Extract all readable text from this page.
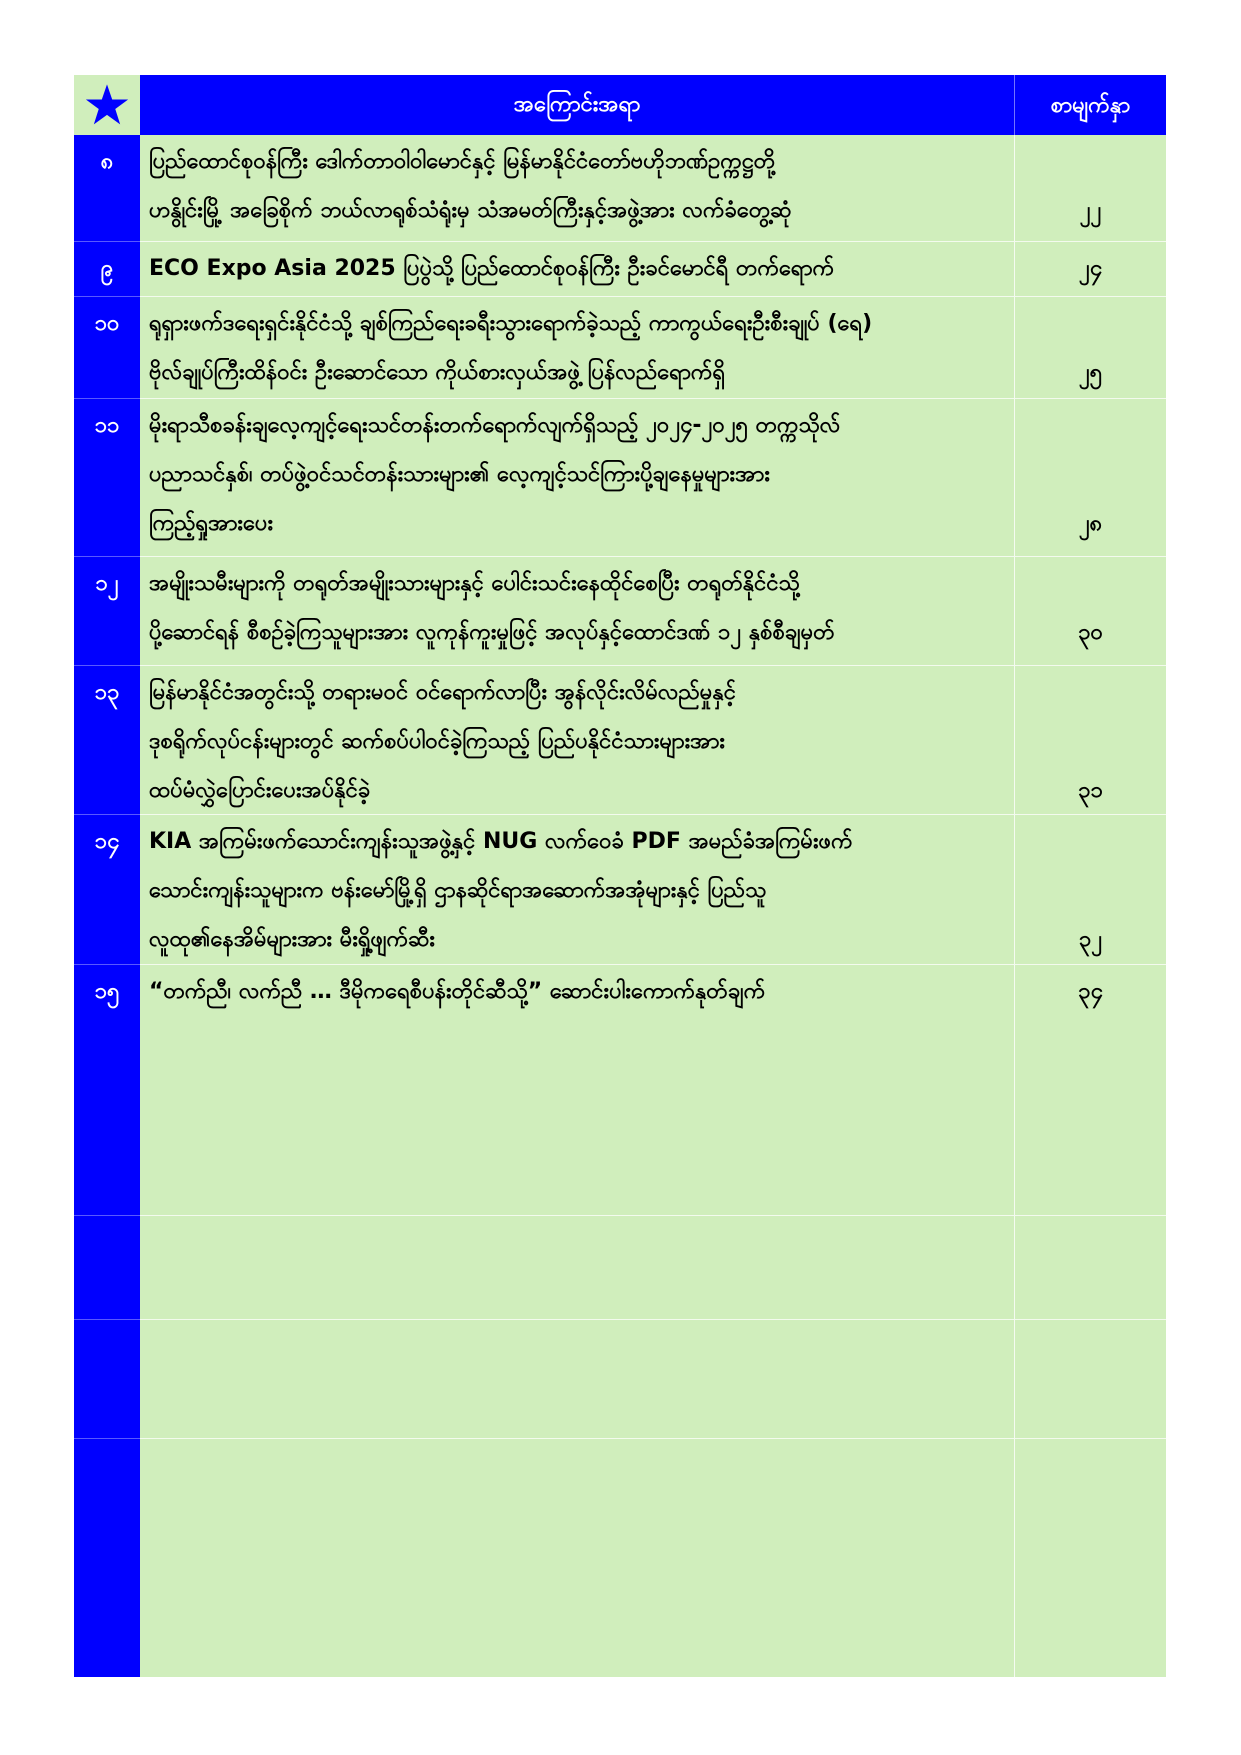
အကြောင်းအရာ	စာမျက်နှာ
၈	ပြည်ထောင်စုဝန်ကြီး ဒေါက်တာဝါဝါမောင်နှင့် မြန်မာနိုင်ငံတော်ဗဟိုဘဏ်ဥက္ကဋ္ဌတို့
ဟနွိုင်းမြို့ အခြေစိုက် ဘယ်လာရုစ်သံရုံးမှ သံအမတ်ကြီးနှင့်အဖွဲ့အား လက်ခံတွေ့ဆုံ	၂၂
၉	ECO Expo Asia 2025 ပြပွဲသို့ ပြည်ထောင်စုဝန်ကြီး ဦးခင်မောင်ရီ တက်ရောက်	၂၄
၁၀	ရုရှားဖက်ဒရေးရှင်းနိုင်ငံသို့ ချစ်ကြည်ရေးခရီးသွားရောက်ခဲ့သည့် ကာကွယ်ရေးဦးစီးချုပ် (ရေ)
ဗိုလ်ချုပ်ကြီးထိန်ဝင်း ဦးဆောင်သော ကိုယ်စားလှယ်အဖွဲ့ ပြန်လည်ရောက်ရှိ	၂၅
၁၁	မိုးရာသီစခန်းချလေ့ကျင့်ရေးသင်တန်းတက်ရောက်လျက်ရှိသည့် ၂၀၂၄-၂၀၂၅ တက္ကသိုလ်
ပညာသင်နှစ်၊ တပ်ဖွဲ့ဝင်သင်တန်းသားများ၏ လေ့ကျင့်သင်ကြားပို့ချနေမှုများအား
ကြည့်ရှုအားပေး	၂၈
၁၂	အမျိုးသမီးများကို တရုတ်အမျိုးသားများနှင့် ပေါင်းသင်းနေထိုင်စေပြီး တရုတ်နိုင်ငံသို့
ပို့ဆောင်ရန် စီစဉ်ခဲ့ကြသူများအား လူကုန်ကူးမှုဖြင့် အလုပ်နှင့်ထောင်ဒဏ် ၁၂ နှစ်စီချမှတ်	၃၀
၁၃	မြန်မာနိုင်ငံအတွင်းသို့ တရားမဝင် ဝင်ရောက်လာပြီး အွန်လိုင်းလိမ်လည်မှုနှင့်
ဒုစရိုက်လုပ်ငန်းများတွင် ဆက်စပ်ပါဝင်ခဲ့ကြသည့် ပြည်ပနိုင်ငံသားများအား
ထပ်မံလွှဲပြောင်းပေးအပ်နိုင်ခဲ့	၃၁
၁၄	KIA အကြမ်းဖက်သောင်းကျန်းသူအဖွဲ့နှင့် NUG လက်ဝေခံ PDF အမည်ခံအကြမ်းဖက်
သောင်းကျန်းသူများက ဗန်းမော်မြို့ရှိ ဌာနဆိုင်ရာအဆောက်အအုံများနှင့် ပြည်သူ
လူထု၏နေအိမ်များအား မီးရှို့ဖျက်ဆီး	၃၂
၁၅	“တက်ညီ၊ လက်ညီ … ဒီမိုကရေစီပန်းတိုင်ဆီသို့” ဆောင်းပါးကောက်နုတ်ချက်	၃၄
